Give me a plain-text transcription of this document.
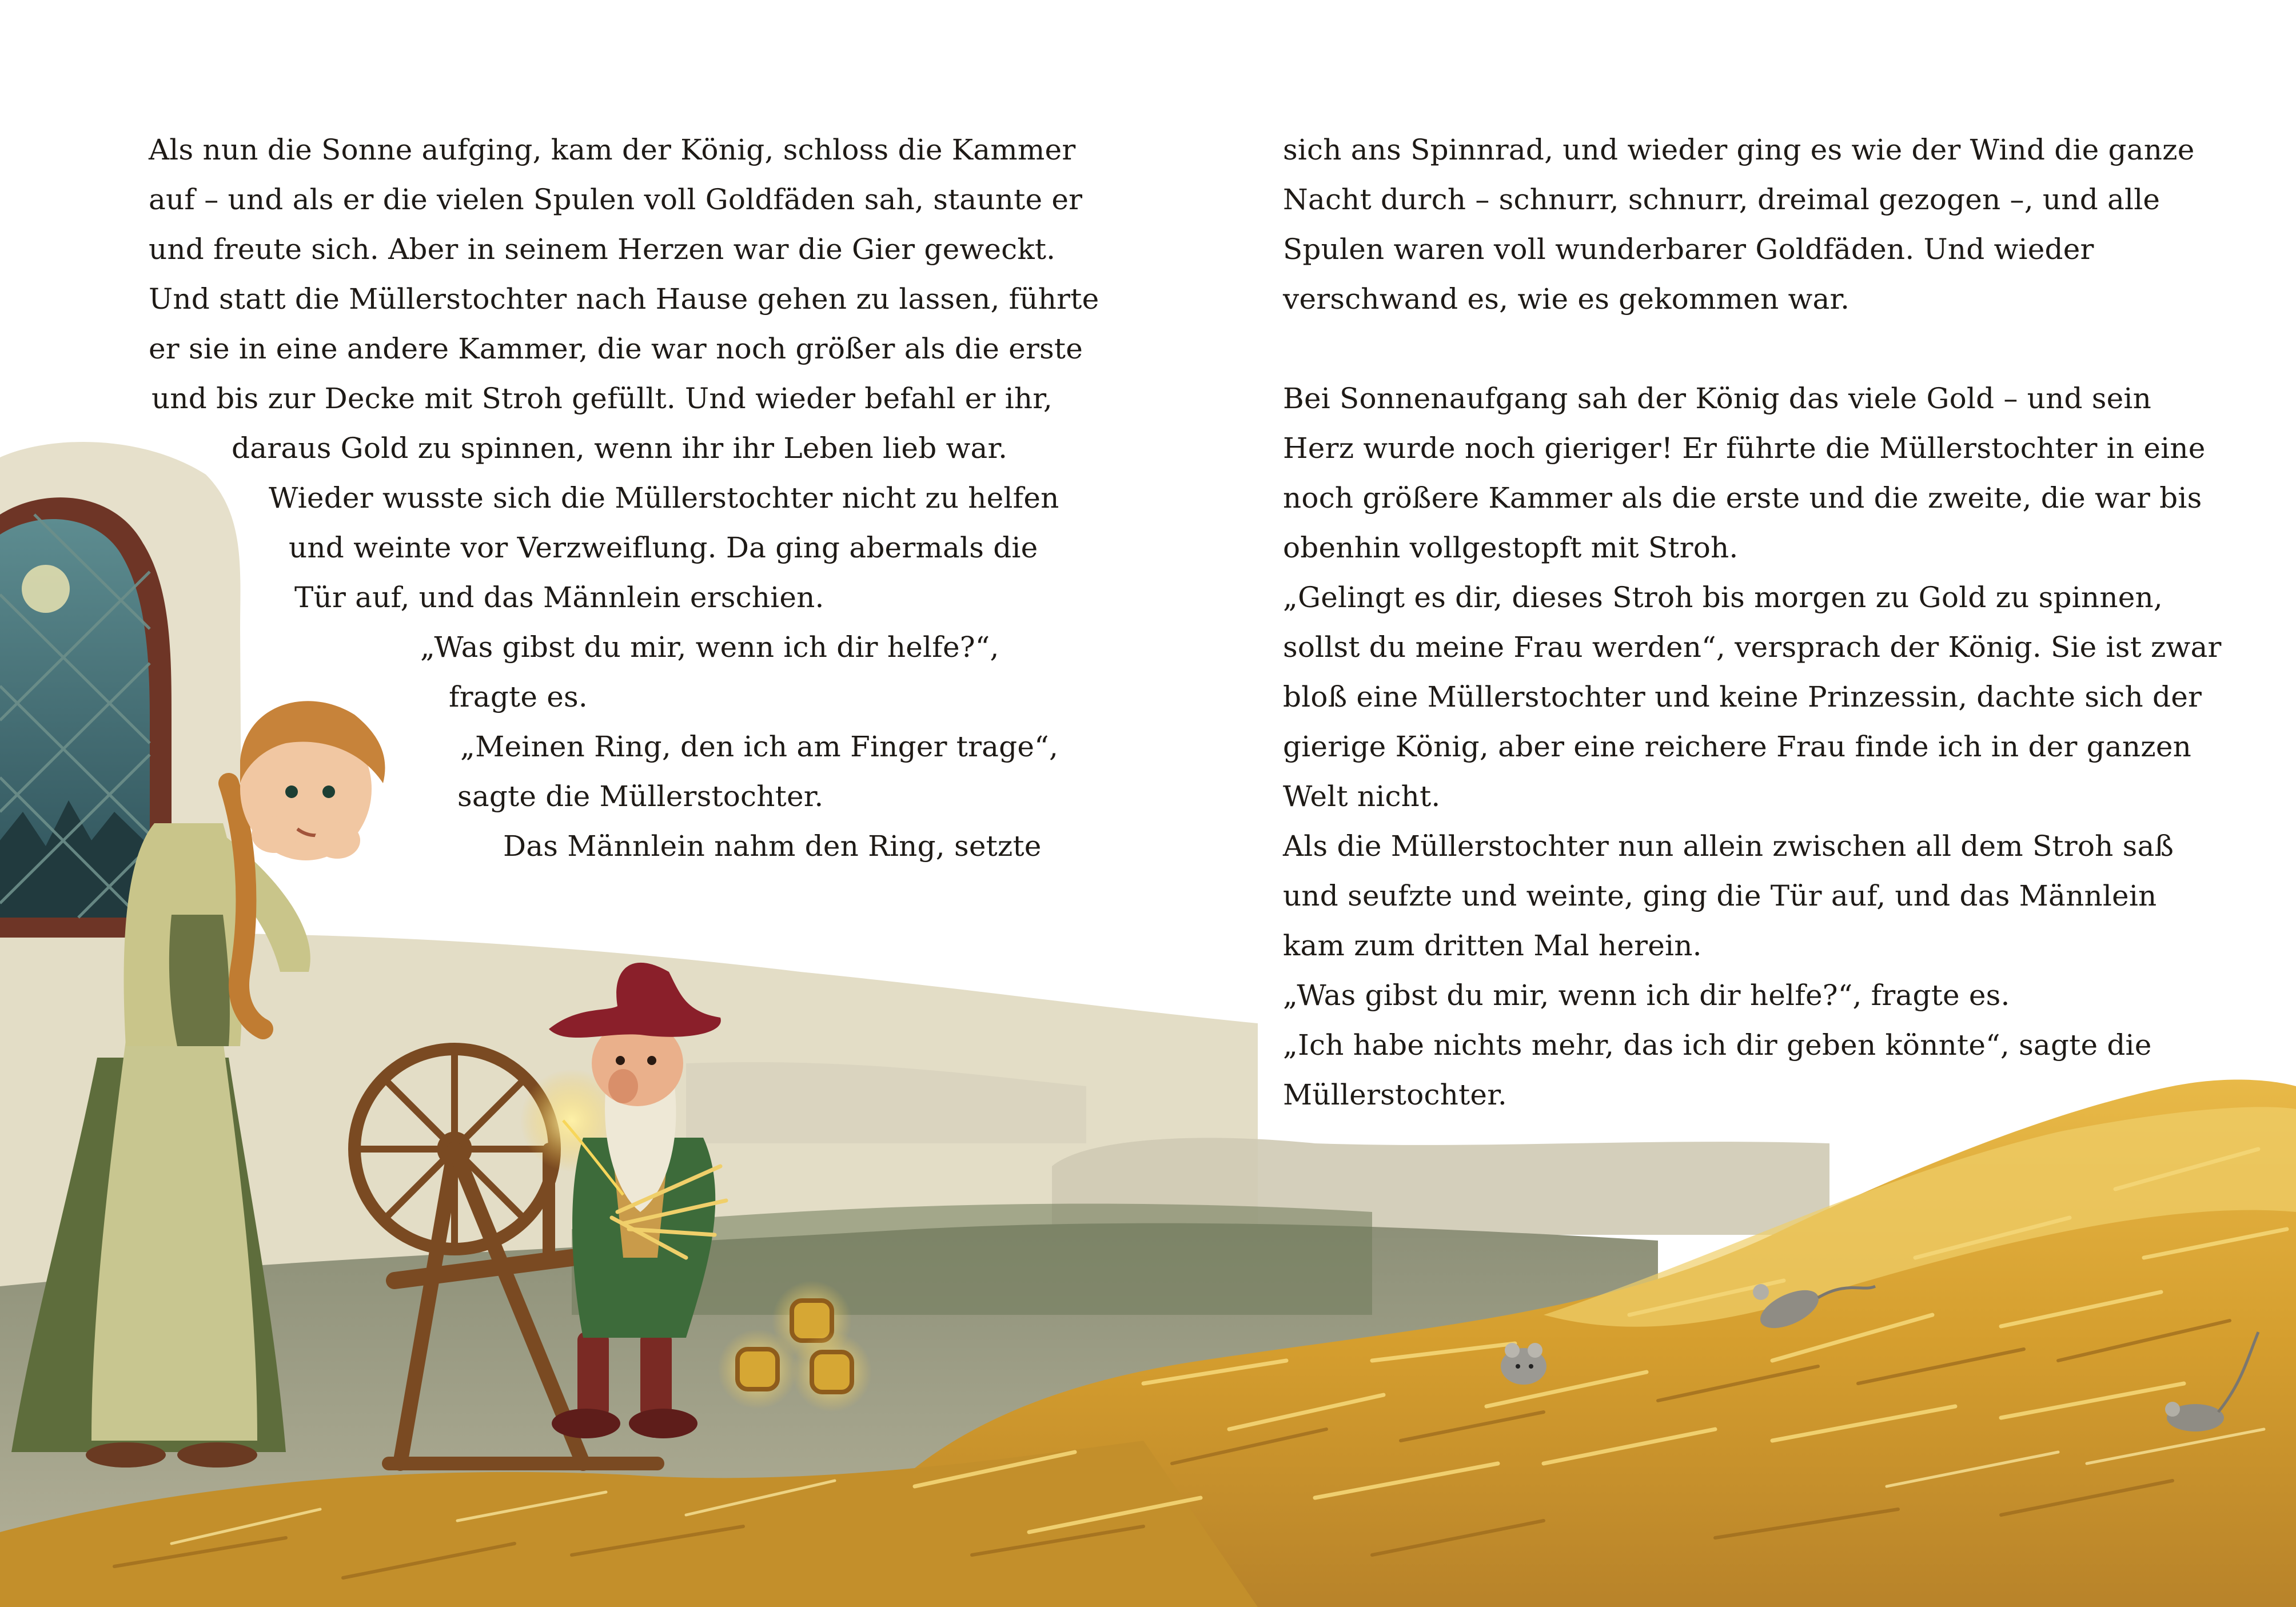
Als nun die Sonne aufging, kam der König, schloss die Kammer
auf – und als er die vielen Spulen voll Goldfäden sah, staunte er
und freute sich. Aber in seinem Herzen war die Gier geweckt.
Und statt die Müllerstochter nach Hause gehen zu lassen, führte
er sie in eine andere Kammer, die war noch größer als die erste
und bis zur Decke mit Stroh gefüllt. Und wieder befahl er ihr,
daraus Gold zu spinnen, wenn ihr ihr Leben lieb war.
Wieder wusste sich die Müllerstochter nicht zu helfen
und weinte vor Verzweiflung. Da ging abermals die
Tür auf, und das Männlein erschien.
„Was gibst du mir, wenn ich dir helfe?“,
fragte es.
„Meinen Ring, den ich am Finger trage“,
sagte die Müllerstochter.
Das Männlein nahm den Ring, setzte
sich ans Spinnrad, und wieder ging es wie der Wind die ganze
Nacht durch – schnurr, schnurr, dreimal gezogen –, und alle
Spulen waren voll wunderbarer Goldfäden. Und wieder
verschwand es, wie es gekommen war.
Bei Sonnenaufgang sah der König das viele Gold – und sein
Herz wurde noch gieriger! Er führte die Müllerstochter in eine
noch größere Kammer als die erste und die zweite, die war bis
obenhin vollgestopft mit Stroh.
„Gelingt es dir, dieses Stroh bis morgen zu Gold zu spinnen,
sollst du meine Frau werden“, versprach der König. Sie ist zwar
bloß eine Müllerstochter und keine Prinzessin, dachte sich der
gierige König, aber eine reichere Frau finde ich in der ganzen
Welt nicht.
Als die Müllerstochter nun allein zwischen all dem Stroh saß
und seufzte und weinte, ging die Tür auf, und das Männlein
kam zum dritten Mal herein.
„Was gibst du mir, wenn ich dir helfe?“, fragte es.
„Ich habe nichts mehr, das ich dir geben könnte“, sagte die
Müllerstochter.
